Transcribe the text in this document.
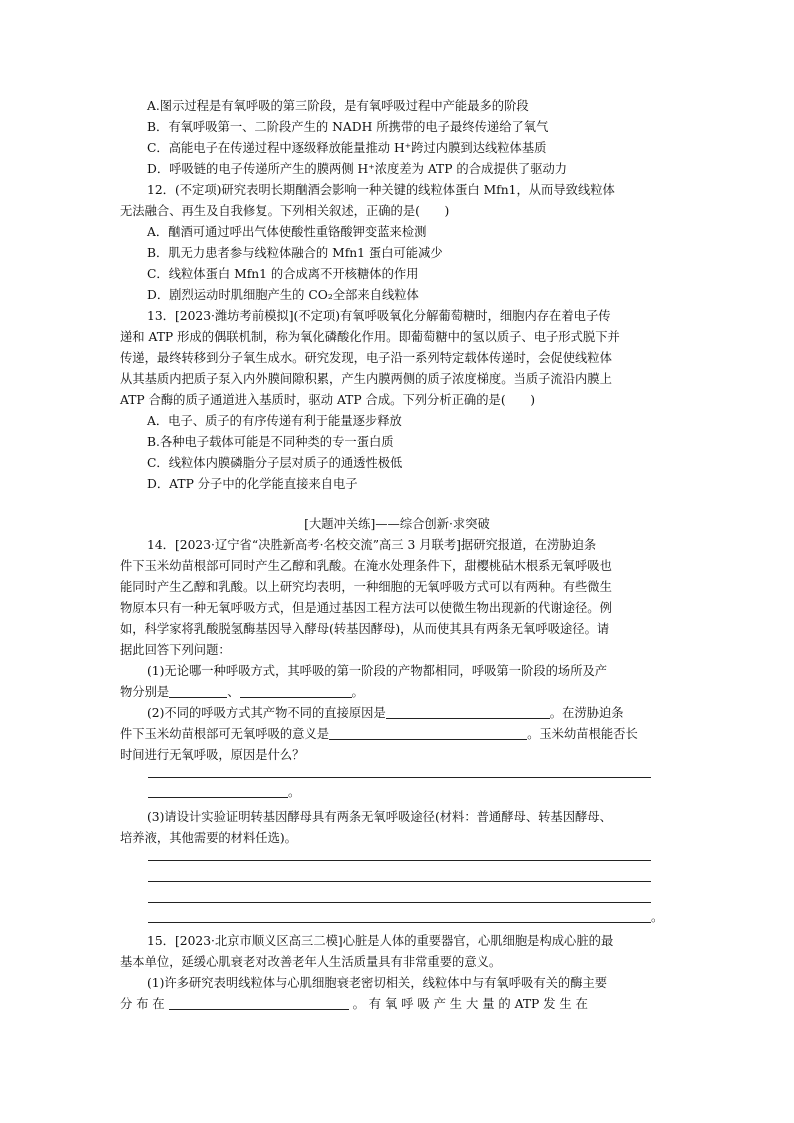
A.图示过程是有氧呼吸的第三阶段，是有氧呼吸过程中产能最多的阶段
B．有氧呼吸第一、二阶段产生的 NADH 所携带的电子最终传递给了氧气
C．高能电子在传递过程中逐级释放能量推动 H⁺跨过内膜到达线粒体基质
D．呼吸链的电子传递所产生的膜两侧 H⁺浓度差为 ATP 的合成提供了驱动力
12．(不定项)研究表明长期酗酒会影响一种关键的线粒体蛋白 Mfn1，从而导致线粒体
无法融合、再生及自我修复。下列相关叙述，正确的是(　　)
A．酗酒可通过呼出气体使酸性重铬酸钾变蓝来检测
B．肌无力患者参与线粒体融合的 Mfn1 蛋白可能减少
C．线粒体蛋白 Mfn1 的合成离不开核糖体的作用
D．剧烈运动时肌细胞产生的 CO₂全部来自线粒体
13．[2023·潍坊考前模拟](不定项)有氧呼吸氧化分解葡萄糖时，细胞内存在着电子传
递和 ATP 形成的偶联机制，称为氧化磷酸化作用。即葡萄糖中的氢以质子、电子形式脱下并
传递，最终转移到分子氧生成水。研究发现，电子沿一系列特定载体传递时，会促使线粒体
从其基质内把质子泵入内外膜间隙积累，产生内膜两侧的质子浓度梯度。当质子流沿内膜上
ATP 合酶的质子通道进入基质时，驱动 ATP 合成。下列分析正确的是(　　)
A．电子、质子的有序传递有利于能量逐步释放
B.各种电子载体可能是不同种类的专一蛋白质
C．线粒体内膜磷脂分子层对质子的通透性极低
D．ATP 分子中的化学能直接来自电子
[大题冲关练]——综合创新·求突破
14．[2023·辽宁省“决胜新高考·名校交流”高三 3 月联考]据研究报道，在涝胁迫条
件下玉米幼苗根部可同时产生乙醇和乳酸。在淹水处理条件下，甜樱桃砧木根系无氧呼吸也
能同时产生乙醇和乳酸。以上研究均表明，一种细胞的无氧呼吸方式可以有两种。有些微生
物原本只有一种无氧呼吸方式，但是通过基因工程方法可以使微生物出现新的代谢途径。例
如，科学家将乳酸脱氢酶基因导入酵母(转基因酵母)，从而使其具有两条无氧呼吸途径。请
据此回答下列问题：
(1)无论哪一种呼吸方式，其呼吸的第一阶段的产物都相同，呼吸第一阶段的场所及产
物分别是	、	。
(2)不同的呼吸方式其产物不同的直接原因是	。在涝胁迫条
件下玉米幼苗根部可无氧呼吸的意义是	。玉米幼苗根能否长
时间进行无氧呼吸，原因是什么？
。
(3)请设计实验证明转基因酵母具有两条无氧呼吸途径(材料：普通酵母、转基因酵母、
培养液，其他需要的材料任选)。
。
15．[2023·北京市顺义区高三二模]心脏是人体的重要器官，心肌细胞是构成心脏的最
基本单位，延缓心肌衰老对改善老年人生活质量具有非常重要的意义。
(1)许多研究表明线粒体与心肌细胞衰老密切相关，线粒体中与有氧呼吸有关的酶主要
分 布 在	。 有 氧 呼 吸 产 生 大 量 的 ATP 发 生 在
